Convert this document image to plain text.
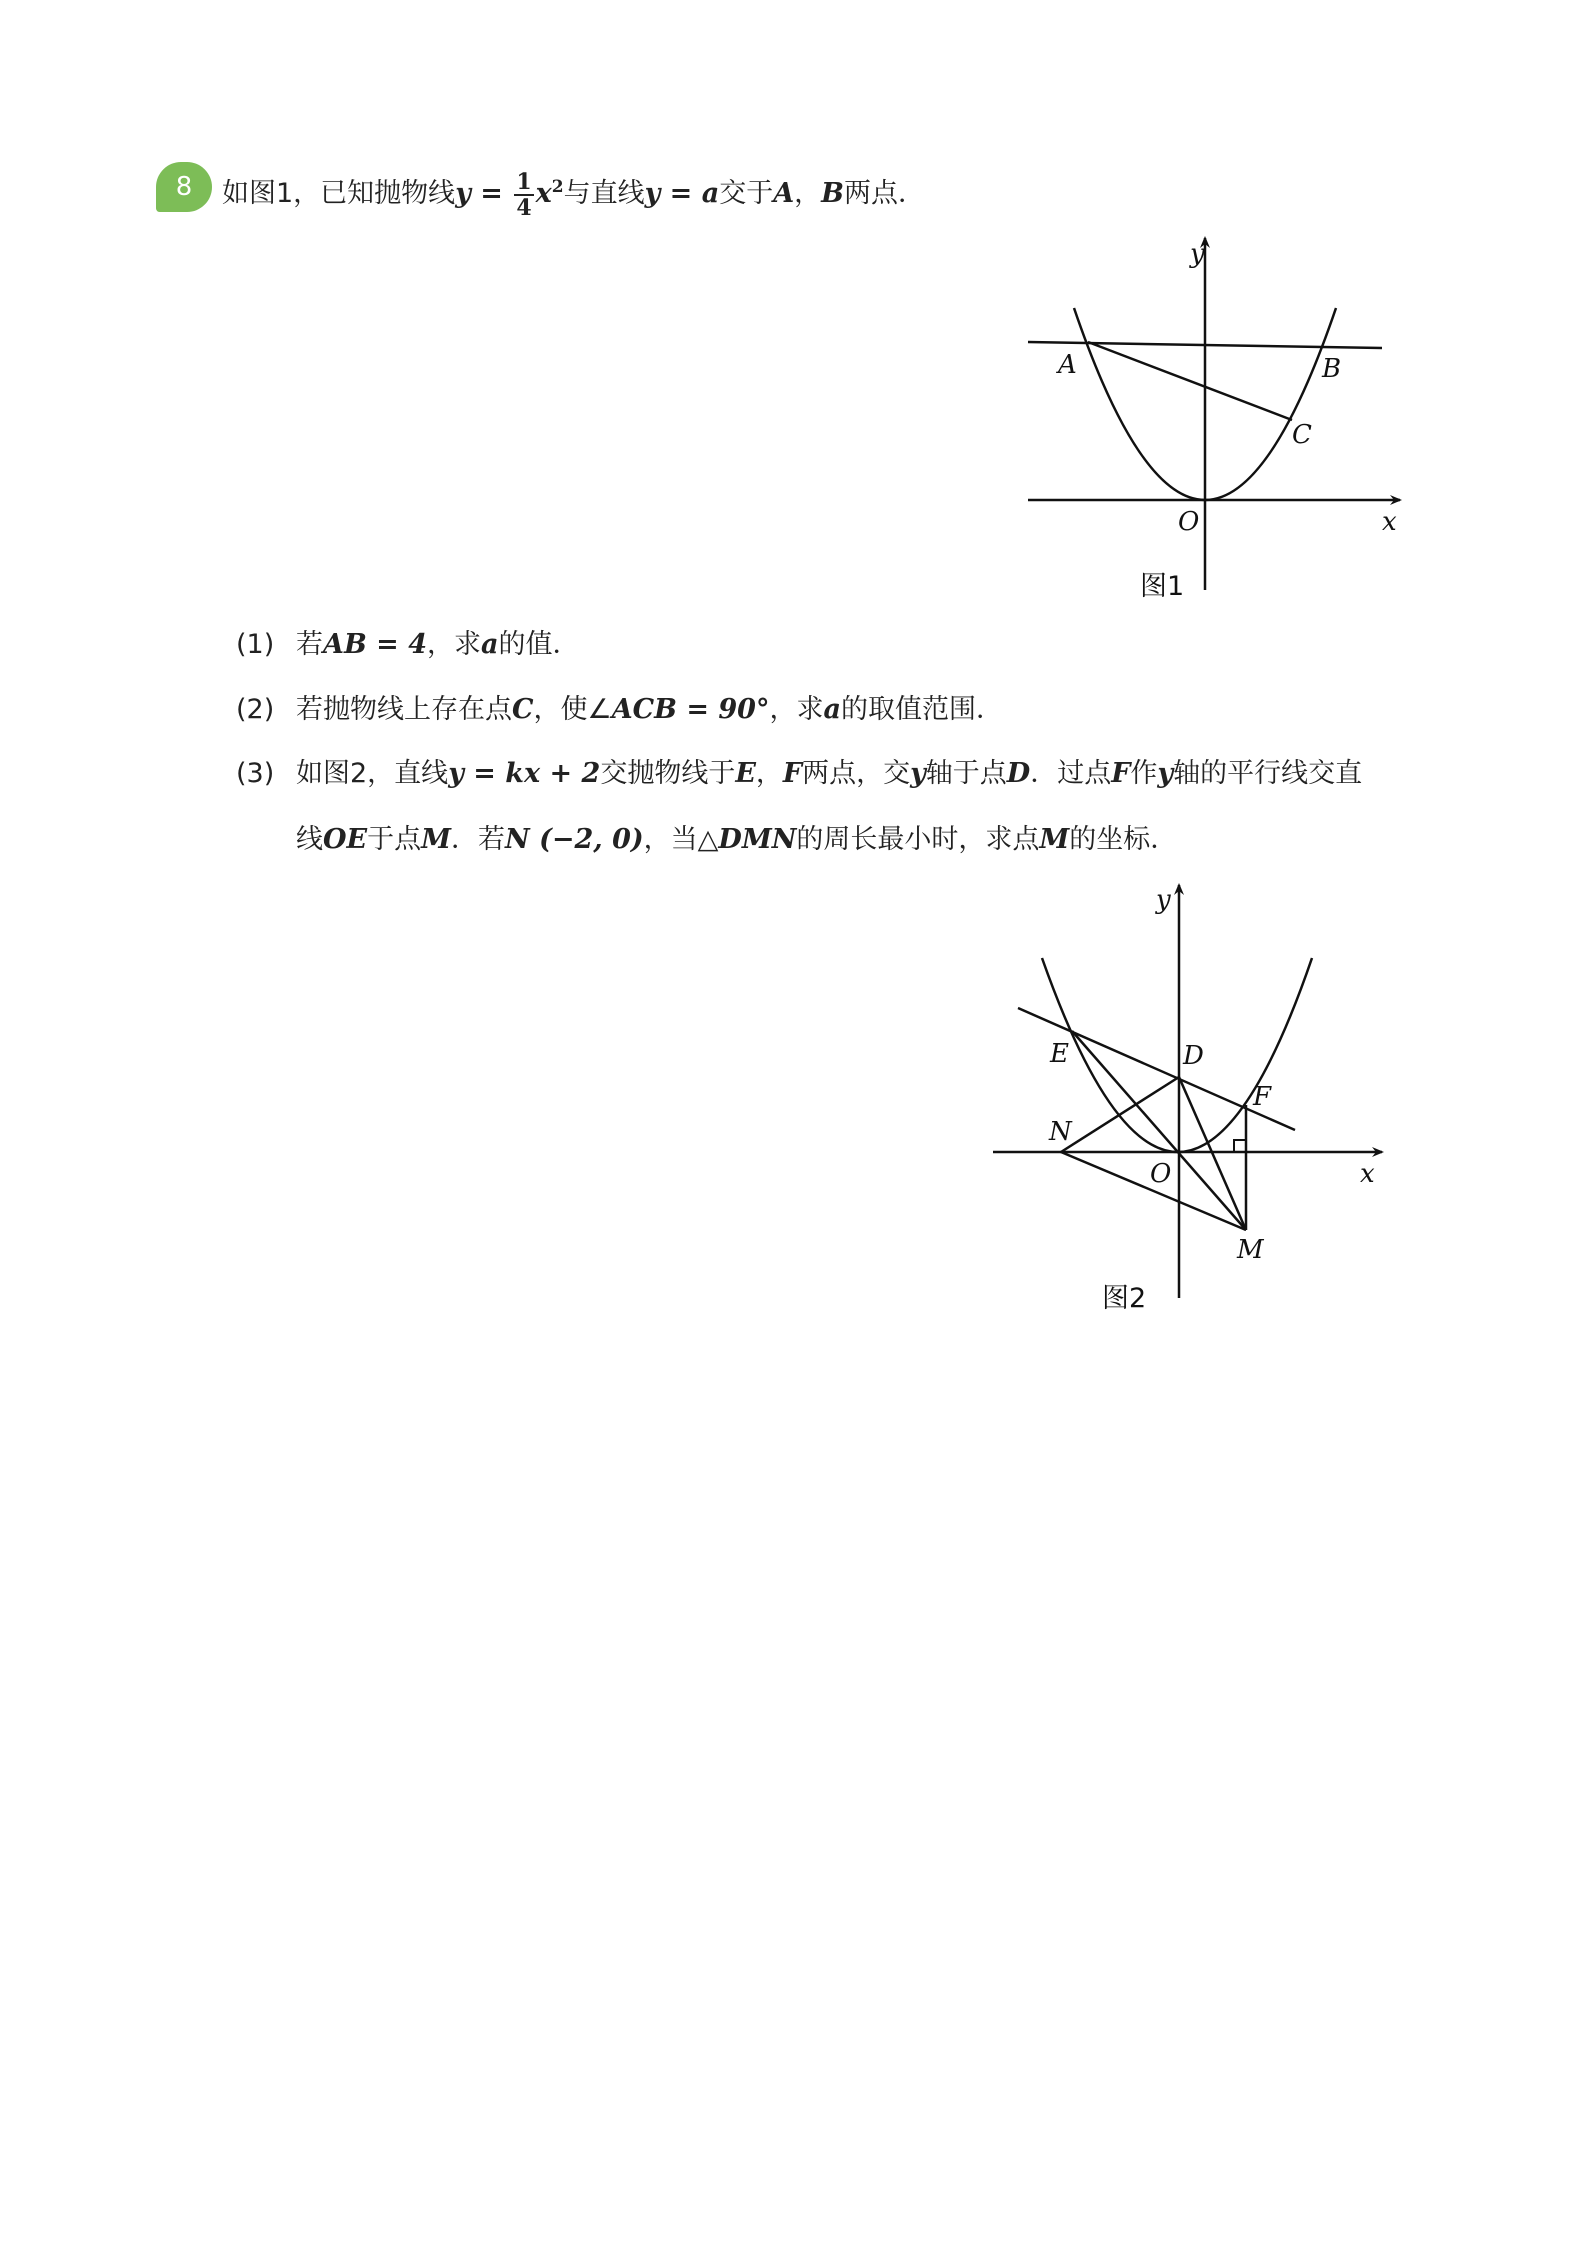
8	如图1，已知抛物线$y = \frac{1}{4} x^2$与直线y = a交于A，B两点．
(1) 若AB = 4，求a的值．
(2) 若抛物线上存在点C，使∠ACB = 90°，求a的取值范围．
(3) 如图2，直线y = kx + 2交抛物线于E，F两点，交y轴于点D．过点F作y轴的平行线交直
线OE于点M．若N (−2, 0)，当△DMN的周长最小时，求点M的坐标．
y
x
O
A	B
C
图1
y
x
O
E	D
F
N
M
图2
